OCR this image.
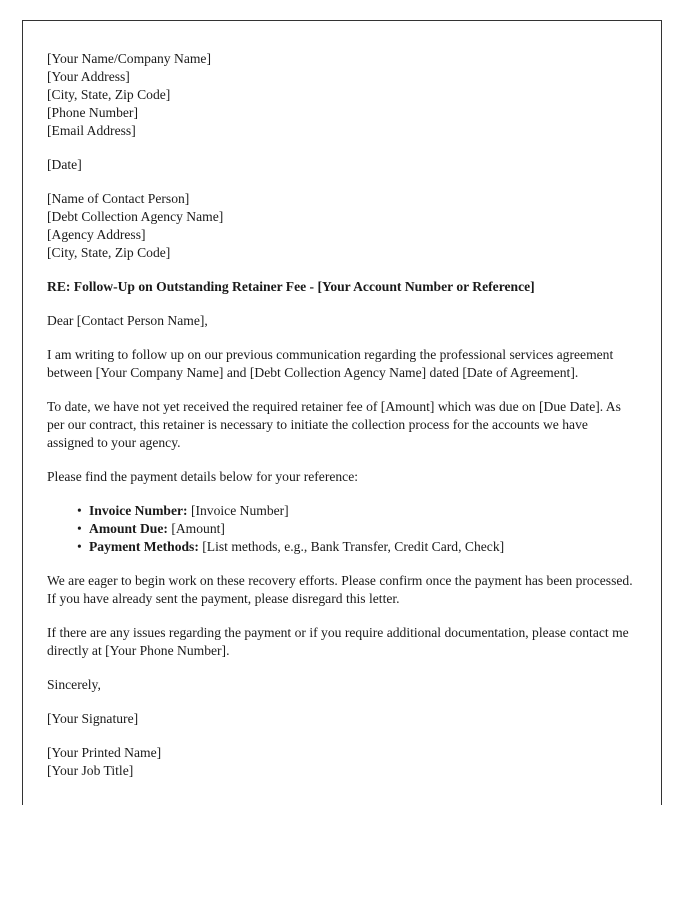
[Your Name/Company Name]
[Your Address]
[City, State, Zip Code]
[Phone Number]
[Email Address]
[Date]
[Name of Contact Person]
[Debt Collection Agency Name]
[Agency Address]
[City, State, Zip Code]

RE: Follow-Up on Outstanding Retainer Fee - [Your Account Number or Reference]

Dear [Contact Person Name],

I am writing to follow up on our previous communication regarding the professional services agreement between [Your Company Name] and [Debt Collection Agency Name] dated [Date of Agreement].

To date, we have not yet received the required retainer fee of [Amount] which was due on [Due Date]. As per our contract, this retainer is necessary to initiate the collection process for the accounts we have assigned to your agency.

Please find the payment details below for your reference:

• Invoice Number: [Invoice Number]
• Amount Due: [Amount]
• Payment Methods: [List methods, e.g., Bank Transfer, Credit Card, Check]

We are eager to begin work on these recovery efforts. Please confirm once the payment has been processed. If you have already sent the payment, please disregard this letter.

If there are any issues regarding the payment or if you require additional documentation, please contact me directly at [Your Phone Number].

Sincerely,

[Your Signature]

[Your Printed Name]
[Your Job Title]
